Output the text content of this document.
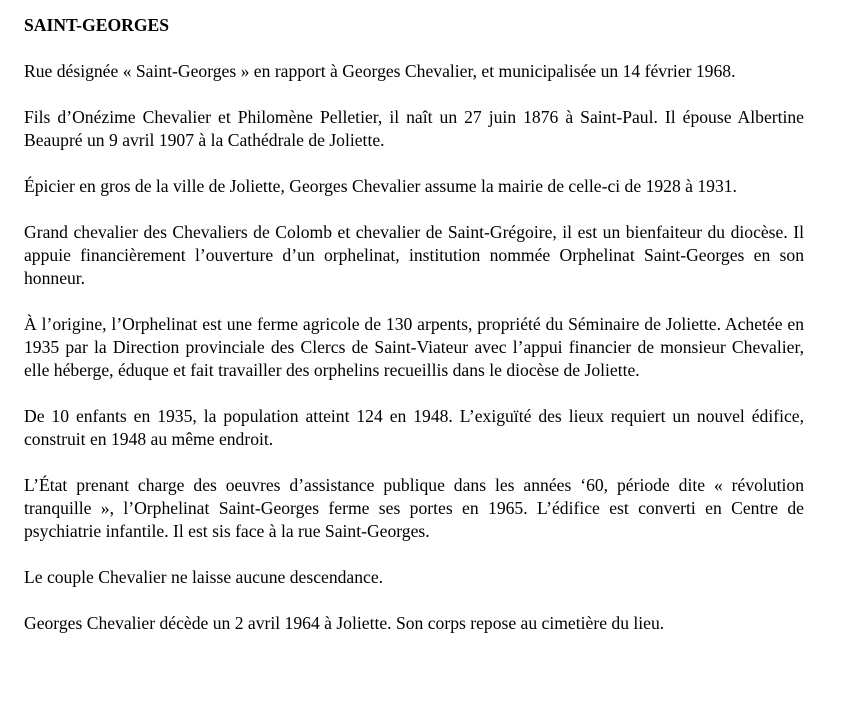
SAINT-GEORGES

Rue désignée « Saint-Georges » en rapport à Georges Chevalier, et municipalisée un 14 février 1968.

Fils d’Onézime Chevalier et Philomène Pelletier, il naît un 27 juin 1876 à Saint-Paul. Il épouse Albertine Beaupré un 9 avril 1907 à la Cathédrale de Joliette.

Épicier en gros de la ville de Joliette, Georges Chevalier assume la mairie de celle-ci de 1928 à 1931.

Grand chevalier des Chevaliers de Colomb et chevalier de Saint-Grégoire, il est un bienfaiteur du diocèse. Il appuie financièrement l’ouverture d’un orphelinat, institution nommée Orphelinat Saint-Georges en son honneur.

À l’origine, l’Orphelinat est une ferme agricole de 130 arpents, propriété du Séminaire de Joliette. Achetée en 1935 par la Direction provinciale des Clercs de Saint-Viateur avec l’appui financier de monsieur Chevalier, elle héberge, éduque et fait travailler des orphelins recueillis dans le diocèse de Joliette.

De 10 enfants en 1935, la population atteint 124 en 1948. L’exiguïté des lieux requiert un nouvel édifice, construit en 1948 au même endroit.

L’État prenant charge des oeuvres d’assistance publique dans les années ‘60, période dite « révolution tranquille », l’Orphelinat Saint-Georges ferme ses portes en 1965. L’édifice est converti en Centre de psychiatrie infantile. Il est sis face à la rue Saint-Georges.

Le couple Chevalier ne laisse aucune descendance.

Georges Chevalier décède un 2 avril 1964 à Joliette. Son corps repose au cimetière du lieu.
